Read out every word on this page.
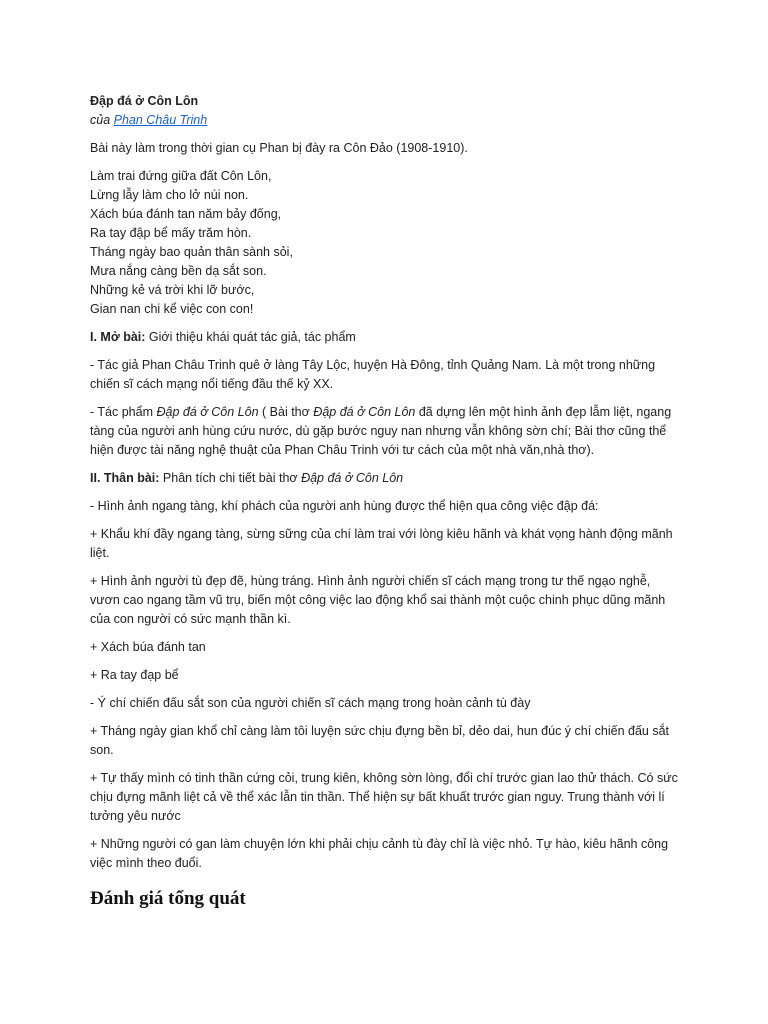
Đập đá ở Côn Lôn

của Phan Châu Trinh

Bài này làm trong thời gian cụ Phan bị đày ra Côn Đảo (1908-1910).

Làm trai đứng giữa đất Côn Lôn,
Lừng lẫy làm cho lở núi non.
Xách búa đánh tan năm bảy đống,
Ra tay đập bể mấy trăm hòn.
Tháng ngày bao quản thân sành sỏi,
Mưa nắng càng bền dạ sắt son.
Những kẻ vá trời khi lỡ bước,
Gian nan chi kể việc con con!

I. Mở bài: Giới thiệu khái quát tác giả, tác phẩm

- Tác giả Phan Châu Trinh quê ở làng Tây Lộc, huyện Hà Đông, tỉnh Quảng Nam. Là một trong những chiến sĩ cách mạng nổi tiếng đầu thế kỷ XX.

- Tác phẩm Đập đá ở Côn Lôn ( Bài thơ Đập đá ở Côn Lôn đã dựng lên một hình ảnh đẹp lẫm liệt, ngang tàng của người anh hùng cứu nước, dù gặp bước nguy nan nhưng vẫn không sờn chí; Bài thơ cũng thể hiện được tài năng nghệ thuật của Phan Châu Trinh với tư cách của một nhà văn,nhà thơ).

II. Thân bài: Phân tích chi tiết bài thơ Đập đá ở Côn Lôn

- Hình ảnh ngang tàng, khí phách của người anh hùng được thể hiện qua công việc đập đá:

+ Khẩu khí đầy ngang tàng, sừng sững của chí làm trai với lòng kiêu hãnh và khát vọng hành động mãnh liệt.

+ Hình ảnh người tù đẹp đẽ, hùng tráng. Hình ảnh người chiến sĩ cách mạng trong tư thế ngạo nghễ, vươn cao ngang tầm vũ trụ, biến một công việc lao động khổ sai thành một cuộc chinh phục dũng mãnh của con người có sức mạnh thần kì.

+ Xách búa đánh tan

+ Ra tay đạp bể

- Ý chí chiến đấu sắt son của người chiến sĩ cách mạng trong hoàn cảnh tù đày

+ Tháng ngày gian khổ chỉ càng làm tôi luyện sức chịu đựng bền bỉ, dẻo dai, hun đúc ý chí chiến đấu sắt son.

+ Tự thấy mình có tinh thần cứng cỏi, trung kiên, không sờn lòng, đổi chí trước gian lao thử thách. Có sức chịu đựng mãnh liệt cả về thể xác lẫn tin thần. Thể hiện sự bất khuất trước gian nguy. Trung thành với lí tưởng yêu nước

+ Những người có gan làm chuyện lớn khi phải chịu cảnh tù đày chỉ là việc nhỏ. Tự hào, kiêu hãnh công việc mình theo đuổi.

Đánh giá tổng quát
